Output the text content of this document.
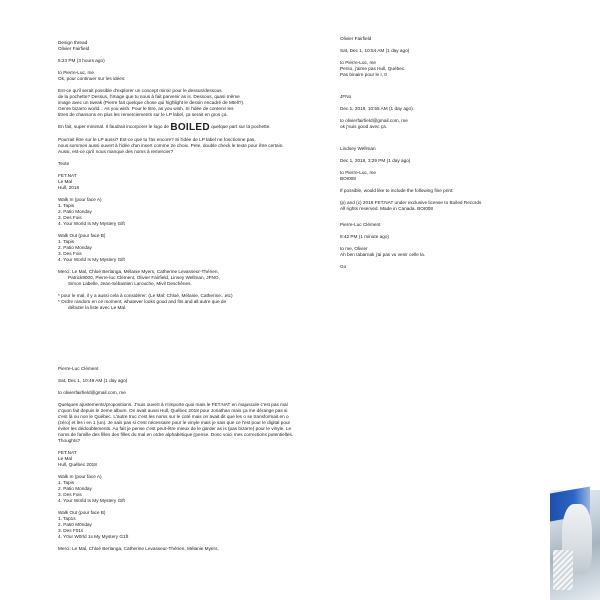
Design thread
Olivier Fairfield
5:23 PM (3 hours ago)
to Pierre-Luc, me
Ok, pour continuer sur les idées:
Est-ce qu'il serait possible d'explorer un concept miroir pour le dessus/dessous
de la pochette? Dessus, l'image que tu nous à fait parvenir as is. Dessous, quasi même
image avec un tweak (Pierre fait quelque chose qui highlight le dessin encadré de Mtell?).
Genre bizarro world... As you wish. Pour le titre, as you wish. Si l'idée de contenir les
titres de chansons en plus les remerciements sur le LP label, ça serait en gros ça.
En fait, super minimal. Il faudrait incorporer le logo de BOILED quelque part sur la pochette.
Pourrait être sur le LP aussi? Est-ce que tu l'as encore? Si l'idée de LP label ne fonctionne pas,
nous sommes aussi ouvert à l'idée d'un insert comme 2e choix. Pete, double check le texte pour être certain.
Aussi, est-ce qu'il nous manque des noms à remercier?
Texte
FET.NAT
Le Mal
Hull, 2018
Walk In (pour face A)
1. Tapis
2. Patio Monday
3. Des Fois
4. Your World Is My Mystery Gift
Walk Out (pour face B)
1. Tapis
2. Patio Monday
3. Des Fois
4. Your World Is My Mystery Gift
Merci: Le Mal, Chloé Berlanga, Mélanie Myers, Catherine Levasseur-Thérien,
Patrick9000, Pierre-luc Clément, Olivier Fairfield, Linsey Wellman, JFNO,
Simon Labelle, Jean-Sébastien Larouche, Mivil Deschênes.
* pour le mal, il y a aussi cela à considérer: (Le Mal: Chloé, Mélanie, Catherine...etc)
* Ordre random en ce moment, whatever looks good and fits and all autre que de
débuter la liste avec Le Mal.
Pierre-Luc Clément
Sat, Dec 1, 10:49 AM (1 day ago)
to olivierfairfield@gmail.com, me
Quelques ajustements/propositions. J'suis ouvert à n'importe quoi mais le FET.NAT en majuscule c'est pas mal
c'quon fait depuis le 2eme album. On avait aussi Hull, Québec 2018 pour Jonathan mais ça me dérange pas si
c'est là ou non le Québec. L'autre truc c'est les noms sur le coté mais on avait dit que les o se transformait en o
(zéro) et les i en 1 (un). Je sais pas si c'est nécessaire pour le vinyle mais je sais que ce l'est pour le digital pour
éviter les dédoublements. Au fait je pense c'est peut-être mieux de le garder as is (pas bizarre) pour le vinyle. Le
noms de famille des filles des filles du mal en ordre alphabétique j'pense. Donc voici mes corrections potentielles.
Thoughts?
FET.NAT
Le Mal
Hull, Québec 2018
Walk In (pour face A)
1. Tapis
2. Patio Monday
3. Des Fois
4. Your World Is My Mystery Gift
Walk Out (pour face B)
1. Tap1s
2. Pati0 M0nday
3. Des F01s
4. Y0ur W0rld 1s My Mystery G1ft
Merci: Le Mal, Chloé Berlanga, Catherine Levasseur-Thérien, Mélanie Myers,
Olivier Fairfield
Sat, Dec 1, 10:54 AM (1 day ago)
to Pierre-Luc, me
Perso, j'aime pas Hull, Québec.
Pas binaire pour le I, 0
JFNo
Dec 1, 2018, 10:55 AM (1 day ago)
to olivierfairfield@gmail.com, me
ok j'suis good avec ça.
Lindsey Wellman
Dec 1, 2018, 3:29 PM (1 day ago)
to Pierre-Luc, me
BOI008
If possible, would like to include the following fine print:
(p) and (c) 2019 FET.NAT under exclusive license to Boiled Records
All rights reserved. Made in Canada. BOI008
Pierre-Luc Clément
8:42 PM (1 minute ago)
to me, Olivier
Ah ben tabarnak j'ai pas vu venir celle la.
Go
